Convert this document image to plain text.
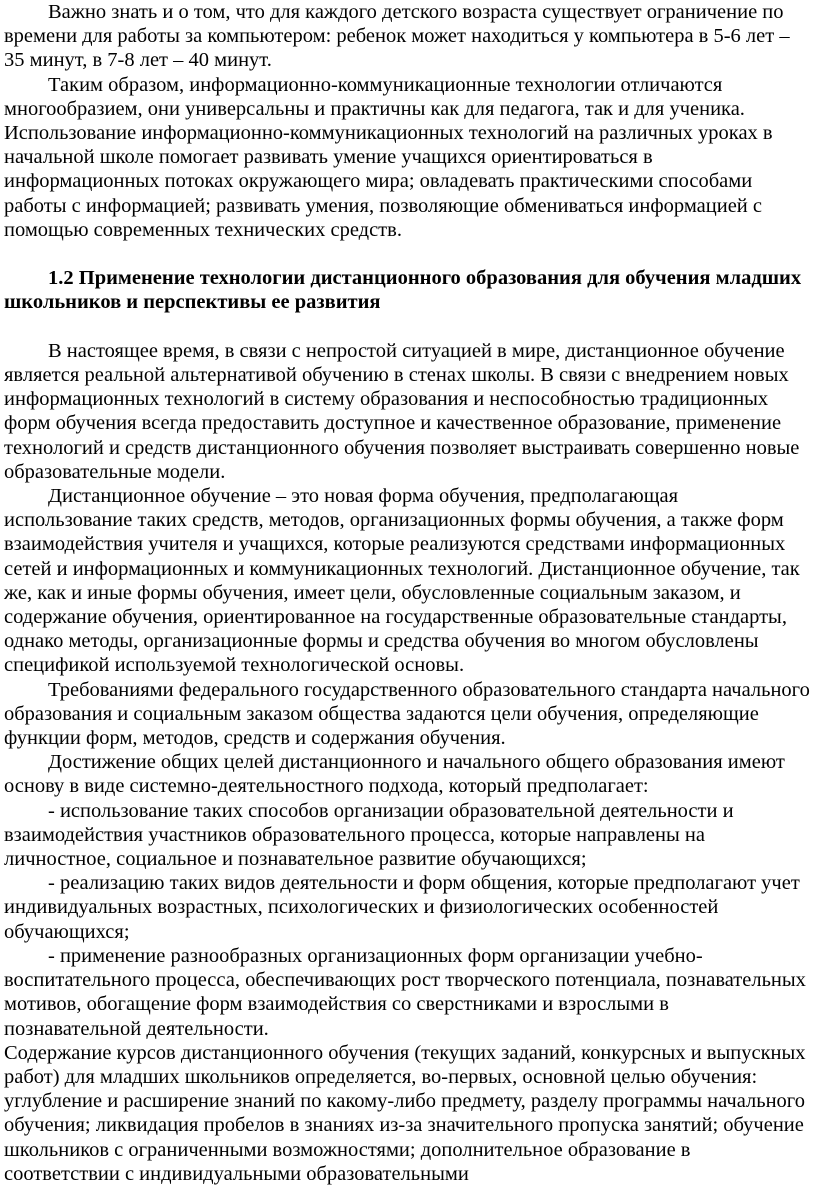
Важно знать и о том, что для каждого детского возраста существует ограничение по времени для работы за компьютером: ребенок может находиться у компьютера в 5-6 лет – 35 минут, в 7-8 лет – 40 минут.

Таким образом, информационно-коммуникационные технологии отличаются многообразием, они универсальны и практичны как для педагога, так и для ученика. Использование информационно-коммуникационных технологий на различных уроках в начальной школе помогает развивать умение учащихся ориентироваться в информационных потоках окружающего мира; овладевать практическими способами работы с информацией; развивать умения, позволяющие обмениваться информацией с помощью современных технических средств.

1.2 Применение технологии дистанционного образования для обучения младших школьников и перспективы ее развития

В настоящее время, в связи с непростой ситуацией в мире, дистанционное обучение является реальной альтернативой обучению в стенах школы. В связи с внедрением новых информационных технологий в систему образования и неспособностью традиционных форм обучения всегда предоставить доступное и качественное образование, применение технологий и средств дистанционного обучения позволяет выстраивать совершенно новые образовательные модели.

Дистанционное обучение – это новая форма обучения, предполагающая использование таких средств, методов, организационных формы обучения, а также форм взаимодействия учителя и учащихся, которые реализуются средствами информационных сетей и информационных и коммуникационных технологий. Дистанционное обучение, так же, как и иные формы обучения, имеет цели, обусловленные социальным заказом, и содержание обучения, ориентированное на государственные образовательные стандарты, однако методы, организационные формы и средства обучения во многом обусловлены спецификой используемой технологической основы.

Требованиями федерального государственного образовательного стандарта начального образования и социальным заказом общества задаются цели обучения, определяющие функции форм, методов, средств и содержания обучения.

Достижение общих целей дистанционного и начального общего образования имеют основу в виде системно-деятельностного подхода, который предполагает:

- использование таких способов организации образовательной деятельности и взаимодействия участников образовательного процесса, которые направлены на личностное, социальное и познавательное развитие обучающихся;

- реализацию таких видов деятельности и форм общения, которые предполагают учет индивидуальных возрастных, психологических и физиологических особенностей обучающихся;

- применение разнообразных организационных форм организации учебно-воспитательного процесса, обеспечивающих рост творческого потенциала, познавательных мотивов, обогащение форм взаимодействия со сверстниками и взрослыми в познавательной деятельности.

Содержание курсов дистанционного обучения (текущих заданий, конкурсных и выпускных работ) для младших школьников определяется, во-первых, основной целью обучения: углубление и расширение знаний по какому-либо предмету, разделу программы начального обучения; ликвидация пробелов в знаниях из-за значительного пропуска занятий; обучение школьников с ограниченными возможностями; дополнительное образование в соответствии с индивидуальными образовательными
